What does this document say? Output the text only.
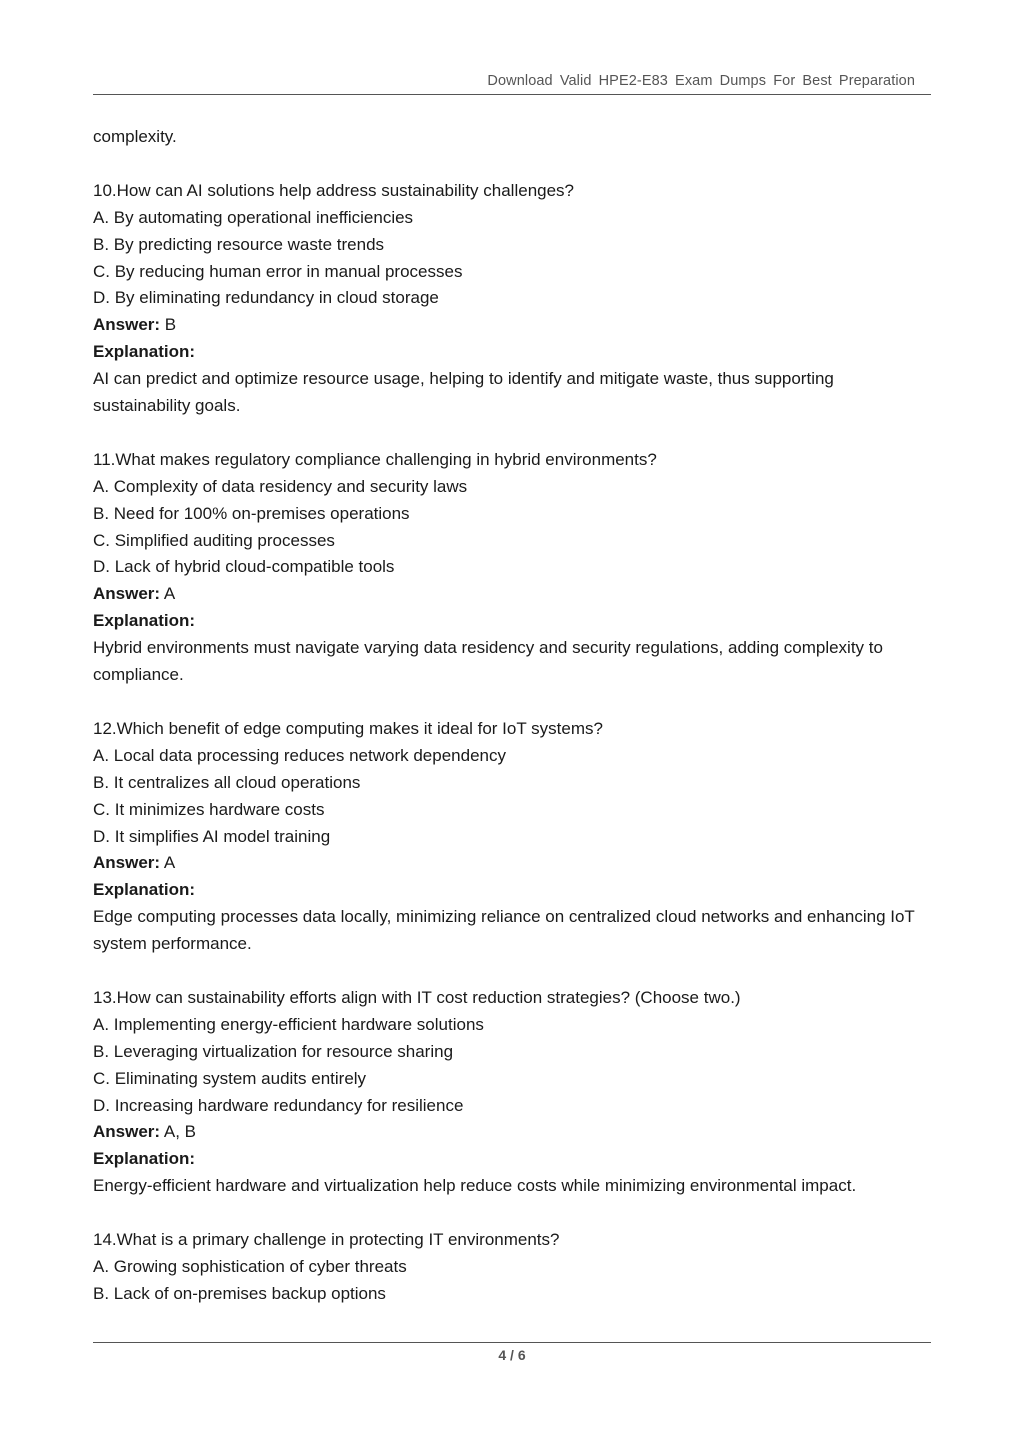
Download Valid HPE2-E83 Exam Dumps For Best Preparation
complexity.
10.How can AI solutions help address sustainability challenges?
A. By automating operational inefficiencies
B. By predicting resource waste trends
C. By reducing human error in manual processes
D. By eliminating redundancy in cloud storage
Answer: B
Explanation:
AI can predict and optimize resource usage, helping to identify and mitigate waste, thus supporting sustainability goals.
11.What makes regulatory compliance challenging in hybrid environments?
A. Complexity of data residency and security laws
B. Need for 100% on-premises operations
C. Simplified auditing processes
D. Lack of hybrid cloud-compatible tools
Answer: A
Explanation:
Hybrid environments must navigate varying data residency and security regulations, adding complexity to compliance.
12.Which benefit of edge computing makes it ideal for IoT systems?
A. Local data processing reduces network dependency
B. It centralizes all cloud operations
C. It minimizes hardware costs
D. It simplifies AI model training
Answer: A
Explanation:
Edge computing processes data locally, minimizing reliance on centralized cloud networks and enhancing IoT system performance.
13.How can sustainability efforts align with IT cost reduction strategies? (Choose two.)
A. Implementing energy-efficient hardware solutions
B. Leveraging virtualization for resource sharing
C. Eliminating system audits entirely
D. Increasing hardware redundancy for resilience
Answer: A, B
Explanation:
Energy-efficient hardware and virtualization help reduce costs while minimizing environmental impact.
14.What is a primary challenge in protecting IT environments?
A. Growing sophistication of cyber threats
B. Lack of on-premises backup options
4 / 6
